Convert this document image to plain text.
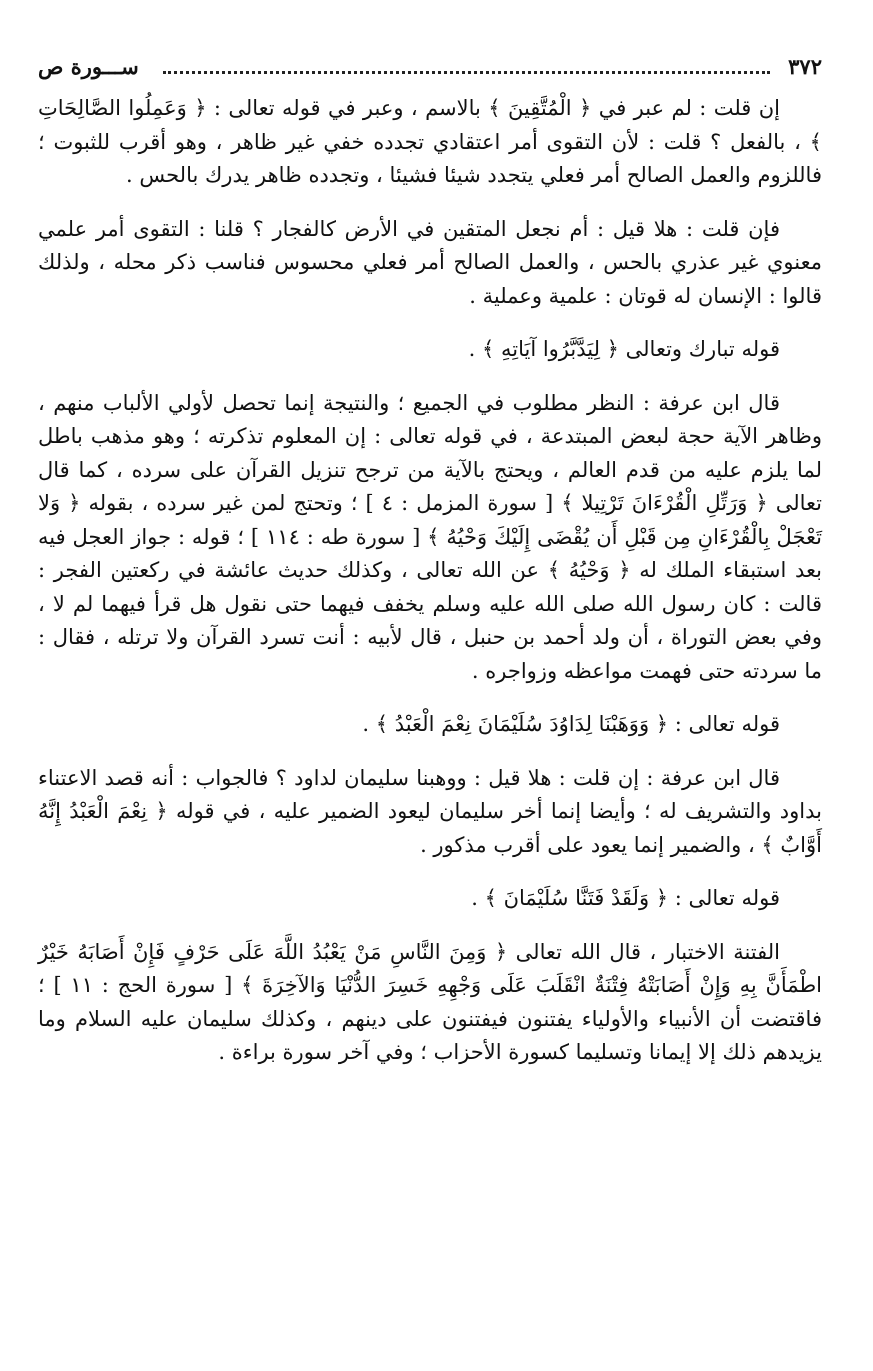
٣٧٢
ســـورة ص

إن قلت : لم عبر في ﴿ الْمُتَّقِينَ ﴾ بالاسم ، وعبر في قوله تعالى : ﴿ وَعَمِلُوا الصَّالِحَاتِ ﴾ ، بالفعل ؟ قلت : لأن التقوى أمر اعتقادي تجدده خفي غير ظاهر ، وهو أقرب للثبوت ؛ فاللزوم والعمل الصالح أمر فعلي يتجدد شيئا فشيئا ، وتجدده ظاهر يدرك بالحس .

فإن قلت : هلا قيل : أم نجعل المتقين في الأرض كالفجار ؟ قلنا : التقوى أمر علمي معنوي غير عذري بالحس ، والعمل الصالح أمر فعلي محسوس فناسب ذكر محله ، ولذلك قالوا : الإنسان له قوتان : علمية وعملية .

قوله تبارك وتعالى ﴿ لِيَدَّبَّرُوا آيَاتِهِ ﴾ .

قال ابن عرفة : النظر مطلوب في الجميع ؛ والنتيجة إنما تحصل لأولي الألباب منهم ، وظاهر الآية حجة لبعض المبتدعة ، في قوله تعالى : إن المعلوم تذكرته ؛ وهو مذهب باطل لما يلزم عليه من قدم العالم ، ويحتج بالآية من ترجح تنزيل القرآن على سرده ، كما قال تعالى ﴿ وَرَتِّلِ الْقُرْءَانَ تَرْتِيلا ﴾ [ سورة المزمل : ٤ ] ؛ وتحتج لمن غير سرده ، بقوله ﴿ وَلا تَعْجَلْ بِالْقُرْءَانِ مِن قَبْلِ أَن يُقْضَى إِلَيْكَ وَحْيُهُ ﴾ [ سورة طه : ١١٤ ] ؛ قوله : جواز العجل فيه بعد استبقاء الملك له ﴿ وَحْيُهُ ﴾ عن الله تعالى ، وكذلك حديث عائشة في ركعتين الفجر : قالت : كان رسول الله صلى الله عليه وسلم يخفف فيهما حتى نقول هل قرأ فيهما لم لا ، وفي بعض التوراة ، أن ولد أحمد بن حنبل ، قال لأبيه : أنت تسرد القرآن ولا ترتله ، فقال : ما سردته حتى فهمت مواعظه وزواجره .

قوله تعالى : ﴿ وَوَهَبْنَا لِدَاوُدَ سُلَيْمَانَ نِعْمَ الْعَبْدُ ﴾ .

قال ابن عرفة : إن قلت : هلا قيل : ووهبنا سليمان لداود ؟ فالجواب : أنه قصد الاعتناء بداود والتشريف له ؛ وأيضا إنما أخر سليمان ليعود الضمير عليه ، في قوله ﴿ نِعْمَ الْعَبْدُ إِنَّهُ أَوَّابٌ ﴾ ، والضمير إنما يعود على أقرب مذكور .

قوله تعالى : ﴿ وَلَقَدْ فَتَنَّا سُلَيْمَانَ ﴾ .

الفتنة الاختبار ، قال الله تعالى ﴿ وَمِنَ النَّاسِ مَنْ يَعْبُدُ اللَّهَ عَلَى حَرْفٍ فَإِنْ أَصَابَهُ خَيْرٌ اطْمَأَنَّ بِهِ وَإِنْ أَصَابَتْهُ فِتْنَةٌ انْقَلَبَ عَلَى وَجْهِهِ خَسِرَ الدُّنْيَا وَالآخِرَةَ ﴾ [ سورة الحج : ١١ ] ؛ فاقتضت أن الأنبياء والأولياء يفتنون فيفتنون على دينهم ، وكذلك سليمان عليه السلام وما يزيدهم ذلك إلا إيمانا وتسليما كسورة الأحزاب ؛ وفي آخر سورة براءة .
